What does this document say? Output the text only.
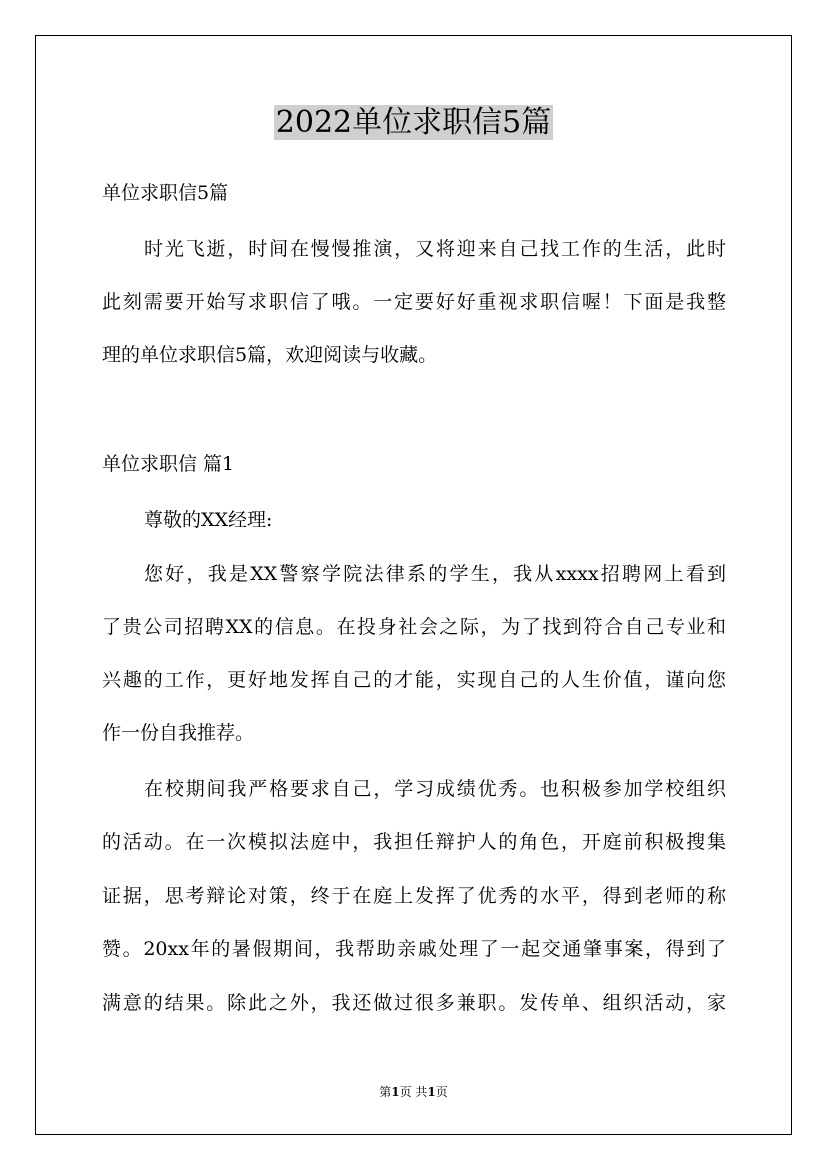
2022单位求职信5篇
单位求职信5篇
时光飞逝，时间在慢慢推演，又将迎来自己找工作的生活，此时
此刻需要开始写求职信了哦。一定要好好重视求职信喔！下面是我整
理的单位求职信5篇，欢迎阅读与收藏。
单位求职信 篇1
尊敬的XX经理:
您好，我是XX警察学院法律系的学生，我从xxxx招聘网上看到
了贵公司招聘XX的信息。在投身社会之际，为了找到符合自己专业和
兴趣的工作，更好地发挥自己的才能，实现自己的人生价值，谨向您
作一份自我推荐。
在校期间我严格要求自己，学习成绩优秀。也积极参加学校组织
的活动。在一次模拟法庭中，我担任辩护人的角色，开庭前积极搜集
证据，思考辩论对策，终于在庭上发挥了优秀的水平，得到老师的称
赞。20xx年的暑假期间，我帮助亲戚处理了一起交通肇事案，得到了
满意的结果。除此之外，我还做过很多兼职。发传单、组织活动，家
第1页 共1页
